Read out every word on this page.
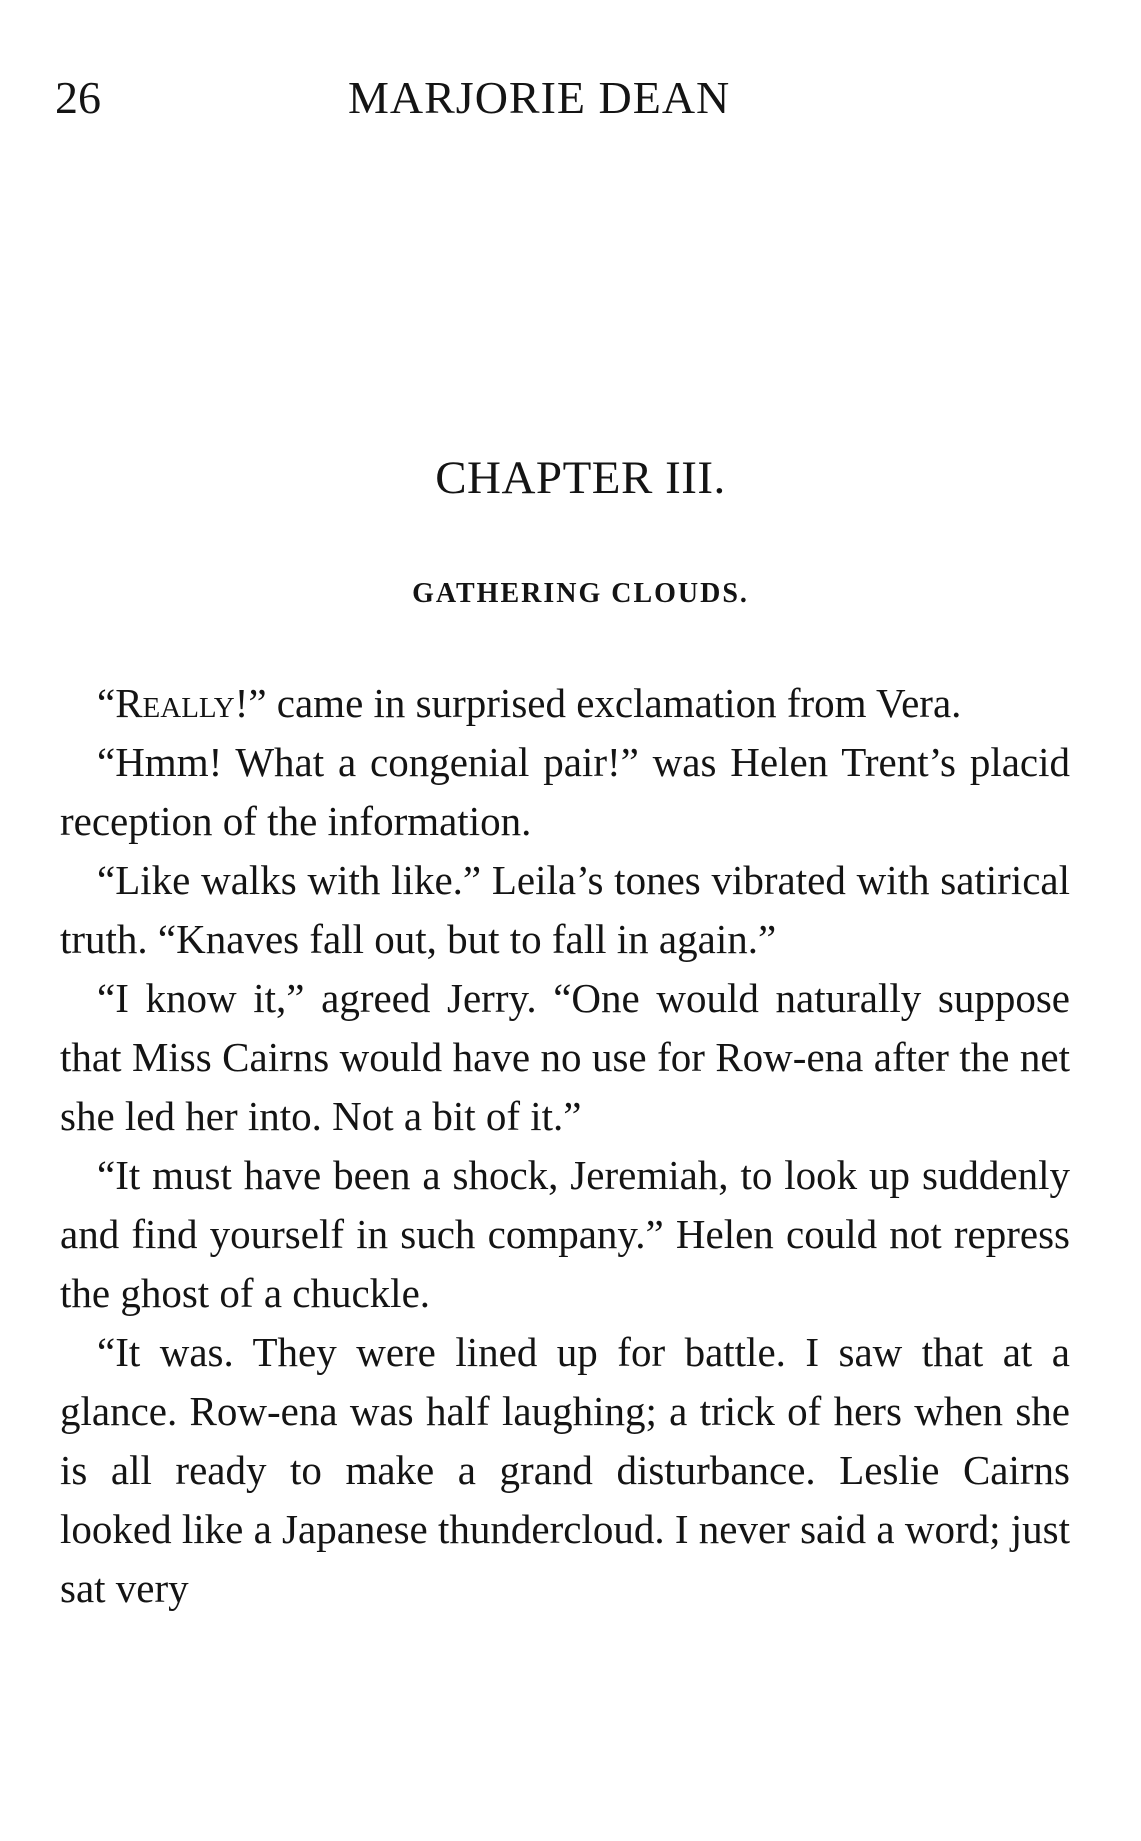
26	MARJORIE DEAN
CHAPTER III.
GATHERING CLOUDS.

“Really!” came in surprised exclamation from Vera.

“Hmm! What a congenial pair!” was Helen Trent’s placid reception of the information.

“Like walks with like.” Leila’s tones vibrated with satirical truth. “Knaves fall out, but to fall in again.”

“I know it,” agreed Jerry. “One would naturally suppose that Miss Cairns would have no use for Row-ena after the net she led her into. Not a bit of it.”

“It must have been a shock, Jeremiah, to look up suddenly and find yourself in such company.” Helen could not repress the ghost of a chuckle.

“It was. They were lined up for battle. I saw that at a glance. Row-ena was half laughing; a trick of hers when she is all ready to make a grand disturbance. Leslie Cairns looked like a Japanese thundercloud. I never said a word; just sat very
